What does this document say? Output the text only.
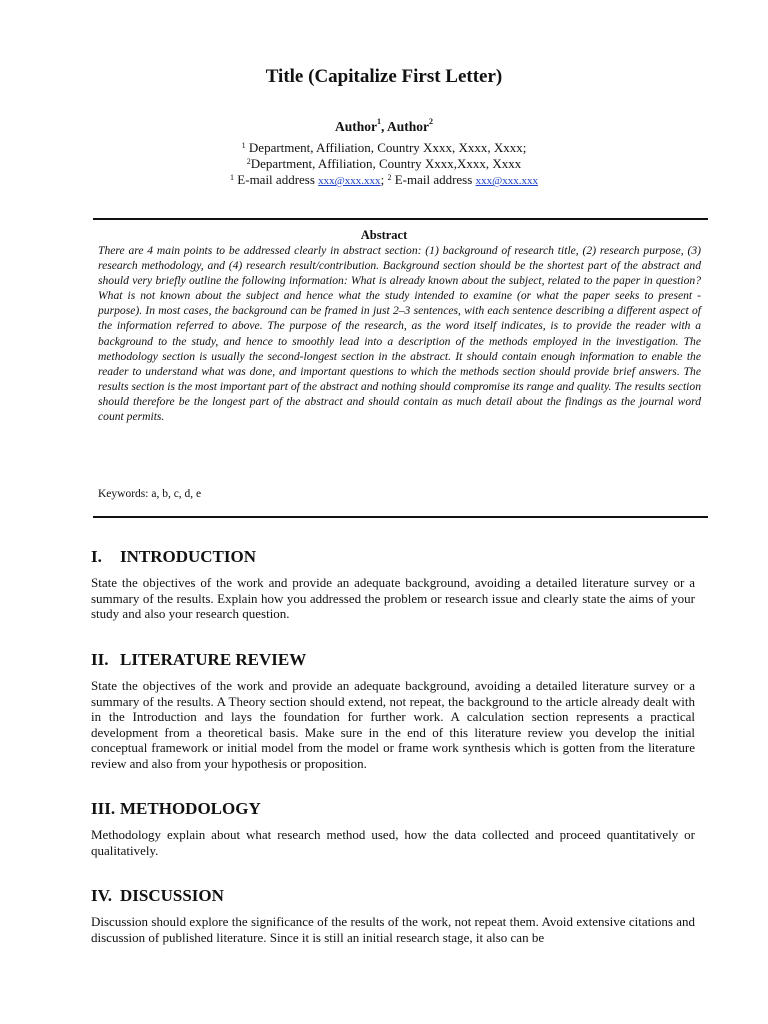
Title (Capitalize First Letter)
Author$^1$, Author$^2$
$^1$ Department, Affiliation, Country Xxxx, Xxxx, Xxxx;
$^2$Department, Affiliation, Country Xxxx,Xxxx, Xxxx
$^1$ E-mail address xxx@xxx.xxx; $^2$ E-mail address xxx@xxx.xxx
Abstract
There are 4 main points to be addressed clearly in abstract section: (1) background of research title, (2) research purpose, (3) research methodology, and (4) research result/contribution. Background section should be the shortest part of the abstract and should very briefly outline the following information: What is already known about the subject, related to the paper in question? What is not known about the subject and hence what the study intended to examine (or what the paper seeks to present - purpose). In most cases, the background can be framed in just 2–3 sentences, with each sentence describing a different aspect of the information referred to above. The purpose of the research, as the word itself indicates, is to provide the reader with a background to the study, and hence to smoothly lead into a description of the methods employed in the investigation. The methodology section is usually the second-longest section in the abstract. It should contain enough information to enable the reader to understand what was done, and important questions to which the methods section should provide brief answers. The results section is the most important part of the abstract and nothing should compromise its range and quality. The results section should therefore be the longest part of the abstract and should contain as much detail about the findings as the journal word count permits.
Keywords: a, b, c, d, e
I. INTRODUCTION
State the objectives of the work and provide an adequate background, avoiding a detailed literature survey or a summary of the results. Explain how you addressed the problem or research issue and clearly state the aims of your study and also your research question.
II. LITERATURE REVIEW
State the objectives of the work and provide an adequate background, avoiding a detailed literature survey or a summary of the results. A Theory section should extend, not repeat, the background to the article already dealt with in the Introduction and lays the foundation for further work. A calculation section represents a practical development from a theoretical basis. Make sure in the end of this literature review you develop the initial conceptual framework or initial model from the model or frame work synthesis which is gotten from the literature review and also from your hypothesis or proposition.
III. METHODOLOGY
Methodology explain about what research method used, how the data collected and proceed quantitatively or qualitatively.
IV. DISCUSSION
Discussion should explore the significance of the results of the work, not repeat them. Avoid extensive citations and discussion of published literature. Since it is still an initial research stage, it also can be
